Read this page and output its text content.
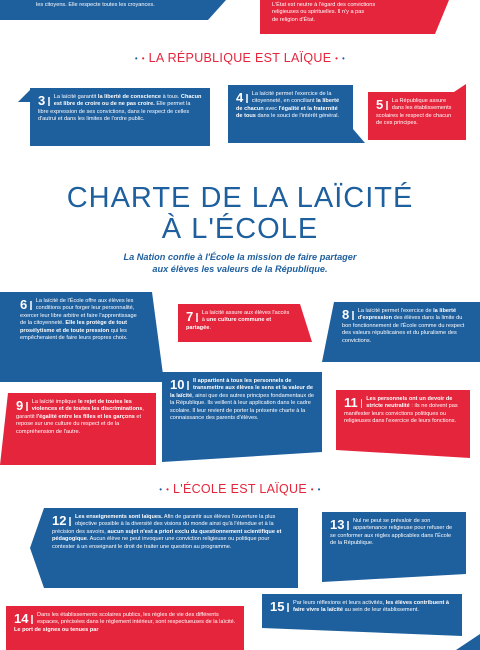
les citoyens. Elle respecte toutes les croyances.	L'État est neutre à l'égard des convictions
religieuses ou spirituelles. Il n'y a pas
de religion d'État.
• • LA RÉPUBLIQUE EST LAÏQUE • •
3	La laïcité garantit la liberté de conscience à tous. Chacun est libre de croire ou de ne pas croire. Elle permet la libre expression de ses convictions, dans le respect de celles d'autrui et dans les limites de l'ordre public.
4	La laïcité permet l'exercice de la citoyenneté, en conciliant la liberté de chacun avec l'égalité et la fraternité de tous dans le souci de l'intérêt général.
5	La République assure dans les établissements scolaires le respect de chacun de ces principes.
CHARTE DE LA LAÏCITÉ
À L'ÉCOLE
La Nation confie à l'École la mission de faire partager
aux élèves les valeurs de la République.
6	La laïcité de l'École offre aux élèves les conditions pour forger leur personnalité, exercer leur libre arbitre et faire l'apprentissage de la citoyenneté. Elle les protège de tout prosélytisme et de toute pression qui les empêcheraient de faire leurs propres choix.
7	La laïcité assure aux élèves l'accès à une culture commune et partagée.
8	La laïcité permet l'exercice de la liberté d'expression des élèves dans la limite du bon fonctionnement de l'École comme du respect des valeurs républicaines et du pluralisme des convictions.
9	La laïcité implique le rejet de toutes les violences et de toutes les discriminations, garantit l'égalité entre les filles et les garçons et repose sur une culture du respect et de la compréhension de l'autre.
10	Il appartient à tous les personnels de transmettre aux élèves le sens et la valeur de la laïcité, ainsi que des autres principes fondamentaux de la République. Ils veillent à leur application dans le cadre scolaire. Il leur revient de porter la présente charte à la connaissance des parents d'élèves.
11	Les personnels ont un devoir de stricte neutralité : ils ne doivent pas manifester leurs convictions politiques ou religieuses dans l'exercice de leurs fonctions.
• • L'ÉCOLE EST LAÏQUE • •
12	Les enseignements sont laïques. Afin de garantir aux élèves l'ouverture la plus objective possible à la diversité des visions du monde ainsi qu'à l'étendue et à la précision des savoirs, aucun sujet n'est a priori exclu du questionnement scientifique et pédagogique. Aucun élève ne peut invoquer une conviction religieuse ou politique pour contester à un enseignant le droit de traiter une question au programme.
13	Nul ne peut se prévaloir de son appartenance religieuse pour refuser de se conformer aux règles applicables dans l'École de la République.
14	Dans les établissements scolaires publics, les règles de vie des différents espaces, précisées dans le règlement intérieur, sont respectueuses de la laïcité. Le port de signes ou tenues par
15	Par leurs réflexions et leurs activités, les élèves contribuent à faire vivre la laïcité au sein de leur établissement.
